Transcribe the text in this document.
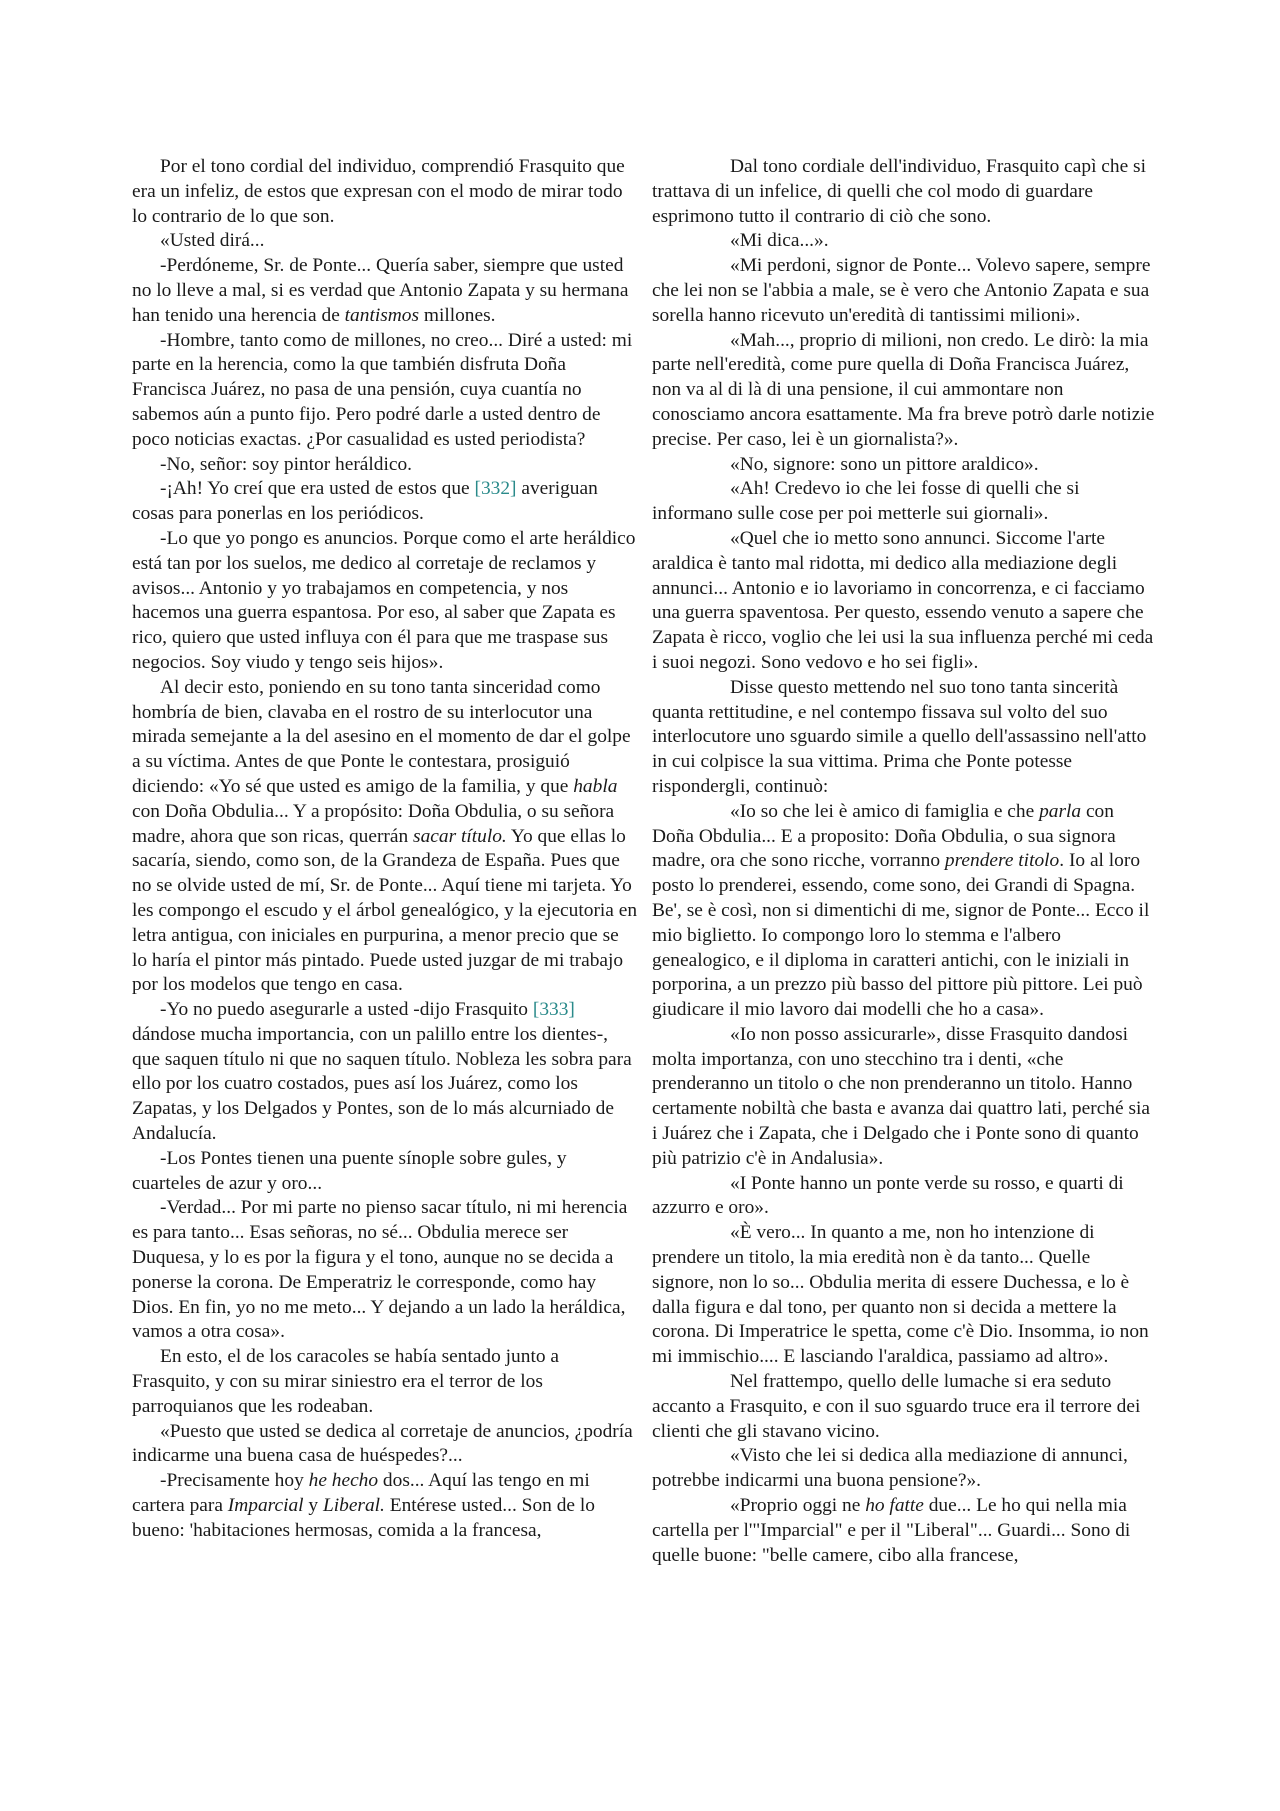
Por el tono cordial del individuo, comprendió Frasquito que era un infeliz, de estos que expresan con el modo de mirar todo lo contrario de lo que son.

«Usted dirá...

-Perdóneme, Sr. de Ponte... Quería saber, siempre que usted no lo lleve a mal, si es verdad que Antonio Zapata y su hermana han tenido una herencia de tantismos millones.

-Hombre, tanto como de millones, no creo... Diré a usted: mi parte en la herencia, como la que también disfruta Doña Francisca Juárez, no pasa de una pensión, cuya cuantía no sabemos aún a punto fijo. Pero podré darle a usted dentro de poco noticias exactas. ¿Por casualidad es usted periodista?

-No, señor: soy pintor heráldico.

-¡Ah! Yo creí que era usted de estos que [332] averiguan cosas para ponerlas en los periódicos.

-Lo que yo pongo es anuncios. Porque como el arte heráldico está tan por los suelos, me dedico al corretaje de reclamos y avisos... Antonio y yo trabajamos en competencia, y nos hacemos una guerra espantosa. Por eso, al saber que Zapata es rico, quiero que usted influya con él para que me traspase sus negocios. Soy viudo y tengo seis hijos».

Al decir esto, poniendo en su tono tanta sinceridad como hombría de bien, clavaba en el rostro de su interlocutor una mirada semejante a la del asesino en el momento de dar el golpe a su víctima. Antes de que Ponte le contestara, prosiguió diciendo: «Yo sé que usted es amigo de la familia, y que habla con Doña Obdulia... Y a propósito: Doña Obdulia, o su señora madre, ahora que son ricas, querrán sacar título. Yo que ellas lo sacaría, siendo, como son, de la Grandeza de España. Pues que no se olvide usted de mí, Sr. de Ponte... Aquí tiene mi tarjeta. Yo les compongo el escudo y el árbol genealógico, y la ejecutoria en letra antigua, con iniciales en purpurina, a menor precio que se lo haría el pintor más pintado. Puede usted juzgar de mi trabajo por los modelos que tengo en casa.

-Yo no puedo asegurarle a usted -dijo Frasquito [333] dándose mucha importancia, con un palillo entre los dientes-, que saquen título ni que no saquen título. Nobleza les sobra para ello por los cuatro costados, pues así los Juárez, como los Zapatas, y los Delgados y Pontes, son de lo más alcurniado de Andalucía.

-Los Pontes tienen una puente sínople sobre gules, y cuarteles de azur y oro...

-Verdad... Por mi parte no pienso sacar título, ni mi herencia es para tanto... Esas señoras, no sé... Obdulia merece ser Duquesa, y lo es por la figura y el tono, aunque no se decida a ponerse la corona. De Emperatriz le corresponde, como hay Dios. En fin, yo no me meto... Y dejando a un lado la heráldica, vamos a otra cosa».

En esto, el de los caracoles se había sentado junto a Frasquito, y con su mirar siniestro era el terror de los parroquianos que les rodeaban.

«Puesto que usted se dedica al corretaje de anuncios, ¿podría indicarme una buena casa de huéspedes?...

-Precisamente hoy he hecho dos... Aquí las tengo en mi cartera para Imparcial y Liberal. Entérese usted... Son de lo bueno: 'habitaciones hermosas, comida a la francesa,

Dal tono cordiale dell'individuo, Frasquito capì che si trattava di un infelice, di quelli che col modo di guardare esprimono tutto il contrario di ciò che sono.

«Mi dica...».

«Mi perdoni, signor de Ponte... Volevo sapere, sempre che lei non se l'abbia a male, se è vero che Antonio Zapata e sua sorella hanno ricevuto un'eredità di tantissimi milioni».

«Mah..., proprio di milioni, non credo. Le dirò: la mia parte nell'eredità, come pure quella di Doña Francisca Juárez, non va al di là di una pensione, il cui ammontare non conosciamo ancora esattamente. Ma fra breve potrò darle notizie precise. Per caso, lei è un giornalista?».

«No, signore: sono un pittore araldico».

«Ah! Credevo io che lei fosse di quelli che si informano sulle cose per poi metterle sui giornali».

«Quel che io metto sono annunci. Siccome l'arte araldica è tanto mal ridotta, mi dedico alla mediazione degli annunci... Antonio e io lavoriamo in concorrenza, e ci facciamo una guerra spaventosa. Per questo, essendo venuto a sapere che Zapata è ricco, voglio che lei usi la sua influenza perché mi ceda i suoi negozi. Sono vedovo e ho sei figli».

Disse questo mettendo nel suo tono tanta sincerità quanta rettitudine, e nel contempo fissava sul volto del suo interlocutore uno sguardo simile a quello dell'assassino nell'atto in cui colpisce la sua vittima. Prima che Ponte potesse rispondergli, continuò:

«Io so che lei è amico di famiglia e che parla con Doña Obdulia... E a proposito: Doña Obdulia, o sua signora madre, ora che sono ricche, vorranno prendere titolo. Io al loro posto lo prenderei, essendo, come sono, dei Grandi di Spagna. Be', se è così, non si dimentichi di me, signor de Ponte... Ecco il mio biglietto. Io compongo loro lo stemma e l'albero genealogico, e il diploma in caratteri antichi, con le iniziali in porporina, a un prezzo più basso del pittore più pittore. Lei può giudicare il mio lavoro dai modelli che ho a casa».

«Io non posso assicurarle», disse Frasquito dandosi molta importanza, con uno stecchino tra i denti, «che prenderanno un titolo o che non prenderanno un titolo. Hanno certamente nobiltà che basta e avanza dai quattro lati, perché sia i Juárez che i Zapata, che i Delgado che i Ponte sono di quanto più patrizio c'è in Andalusia».

«I Ponte hanno un ponte verde su rosso, e quarti di azzurro e oro».

«È vero... In quanto a me, non ho intenzione di prendere un titolo, la mia eredità non è da tanto... Quelle signore, non lo so... Obdulia merita di essere Duchessa, e lo è dalla figura e dal tono, per quanto non si decida a mettere la corona. Di Imperatrice le spetta, come c'è Dio. Insomma, io non mi immischio.... E lasciando l'araldica, passiamo ad altro».

Nel frattempo, quello delle lumache si era seduto accanto a Frasquito, e con il suo sguardo truce era il terrore dei clienti che gli stavano vicino.

«Visto che lei si dedica alla mediazione di annunci, potrebbe indicarmi una buona pensione?».

«Proprio oggi ne ho fatte due... Le ho qui nella mia cartella per l'"Imparcial" e per il "Liberal"... Guardi... Sono di quelle buone: "belle camere, cibo alla francese,
